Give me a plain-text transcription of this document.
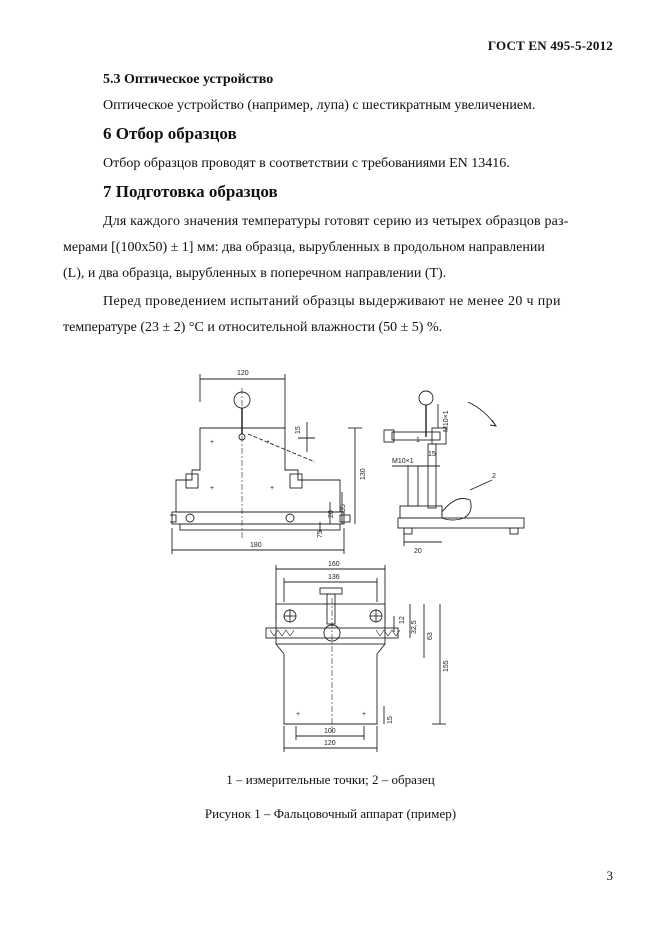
ГОСТ EN 495-5-2012
5.3 Оптическое устройство
Оптическое устройство (например, лупа) с шестикратным увеличением.
6 Отбор образцов
Отбор образцов проводят в соответствии с требованиями EN 13416.
7 Подготовка образцов
Для каждого значения температуры готовят серию из четырех образцов раз-
мерами [(100x50) ± 1] мм: два образца, вырубленных в продольном направлении
(L), и два образца, вырубленных в поперечном направлении (T).
Перед проведением испытаний образцы выдерживают не менее 20 ч при
температуре (23 ± 2) °С и относительной влажности (50 ± 5) %.
120
+	+
+	+
15
130
35
20
75
180
1
M10×1
M10×1
15
2
20
160
136
+	+
12
32,5
63
155
15
100
120
1 – измерительные точки; 2 – образец
Рисунок 1 – Фальцовочный аппарат (пример)
3
